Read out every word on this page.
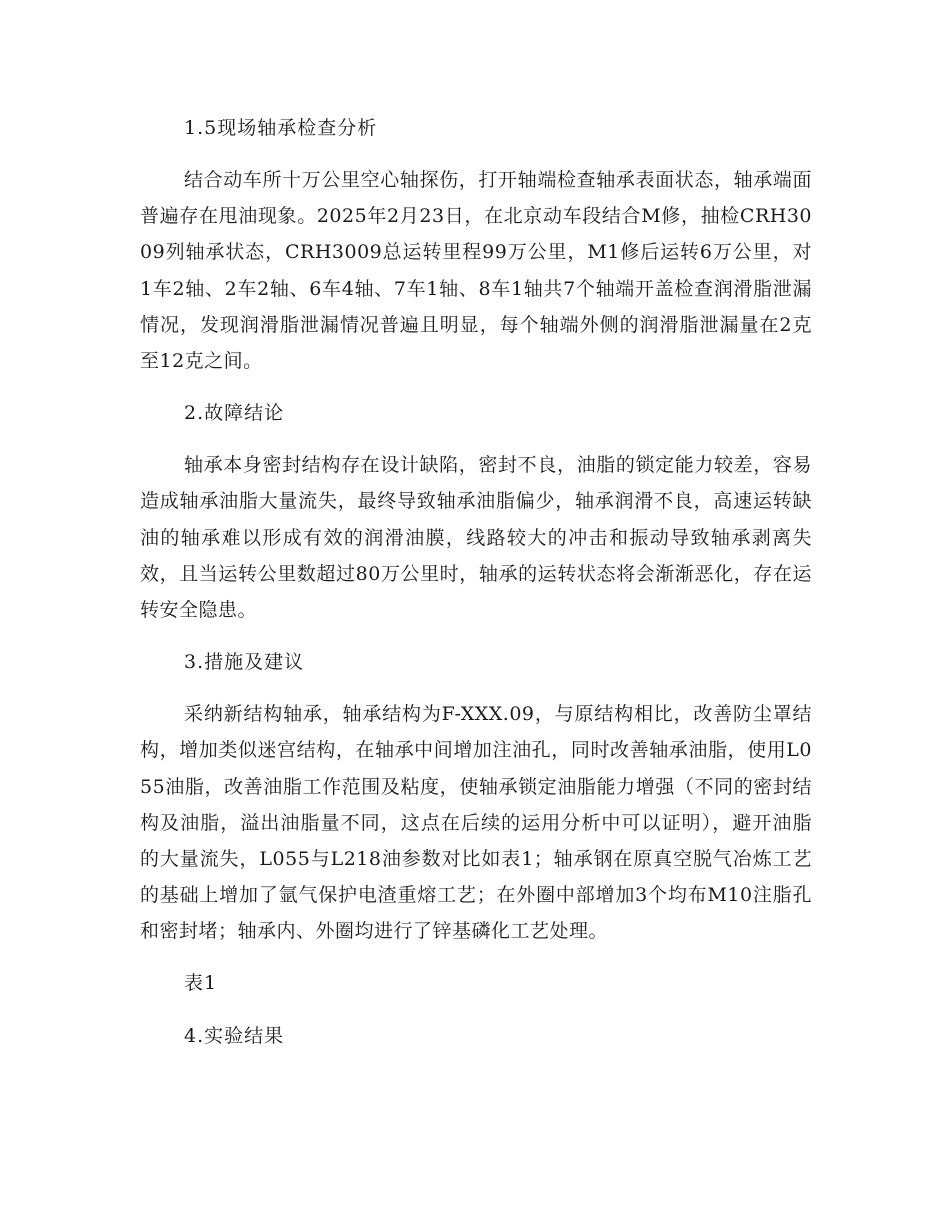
1.5现场轴承检查分析

结合动车所十万公里空心轴探伤，打开轴端检查轴承表面状态，轴承端面普遍存在甩油现象。2025年2月23日，在北京动车段结合M修，抽检CRH3009列轴承状态，CRH3009总运转里程99万公里，M1修后运转6万公里，对1车2轴、2车2轴、6车4轴、7车1轴、8车1轴共7个轴端开盖检查润滑脂泄漏情况，发现润滑脂泄漏情况普遍且明显，每个轴端外侧的润滑脂泄漏量在2克至12克之间。

2.故障结论

轴承本身密封结构存在设计缺陷，密封不良，油脂的锁定能力较差，容易造成轴承油脂大量流失，最终导致轴承油脂偏少，轴承润滑不良，高速运转缺油的轴承难以形成有效的润滑油膜，线路较大的冲击和振动导致轴承剥离失效，且当运转公里数超过80万公里时，轴承的运转状态将会渐渐恶化，存在运转安全隐患。

3.措施及建议

采纳新结构轴承，轴承结构为F-XXX.09，与原结构相比，改善防尘罩结构，增加类似迷宫结构，在轴承中间增加注油孔，同时改善轴承油脂，使用L055油脂，改善油脂工作范围及粘度，使轴承锁定油脂能力增强（不同的密封结构及油脂，溢出油脂量不同，这点在后续的运用分析中可以证明），避开油脂的大量流失，L055与L218油参数对比如表1；轴承钢在原真空脱气冶炼工艺的基础上增加了氩气保护电渣重熔工艺；在外圈中部增加3个均布M10注脂孔和密封堵；轴承内、外圈均进行了锌基磷化工艺处理。

表1

4.实验结果
